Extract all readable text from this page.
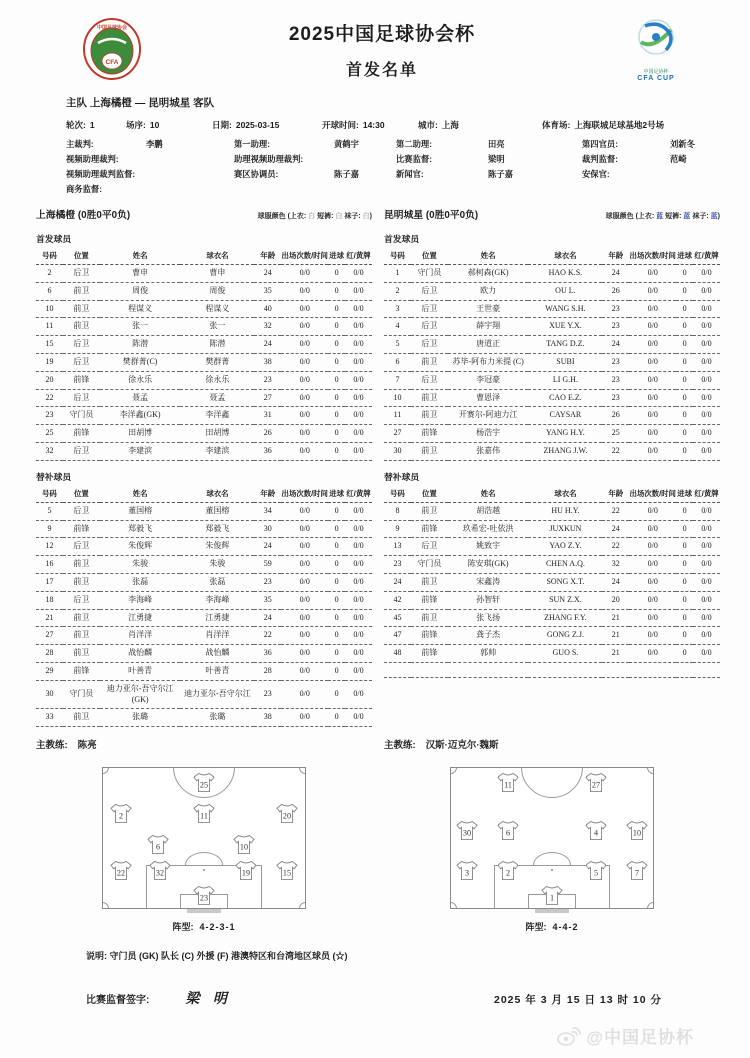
中国足球协会
CFA
2025中国足球协会杯
首发名单	中国足协杯
CFA CUP
主队 上海橘橙 — 昆明城星 客队
轮次: 1	场序: 10	日期: 2025-03-15	开球时间: 14:30	城市: 上海	体育场: 上海联城足球基地2号场
主裁判:	李鹏	第一助理:	黄鹤宇	第二助理:	田亮	第四官员:	刘新冬
视频助理裁判:	助理视频助理裁判:	比赛监督:	梁明	裁判监督:	范崎
视频助理裁判监督:	赛区协调员:	陈子嘉	新闻官:	陈子嘉	安保官:
商务监督:
上海橘橙 (0胜0平0负)	球服颜色 (上衣: 白 短裤: 白 袜子: 白)
首发球员
号码	位置	姓名	球衣名	年龄	出场次数/时间	进球	红/黄牌
2	后卫	曹申	曹申	24	0/0	0	0/0
6	前卫	周俊	周俊	35	0/0	0	0/0
10	前卫	程谋义	程谋义	40	0/0	0	0/0
11	前卫	张一	张一	32	0/0	0	0/0
15	后卫	陈潜	陈潜	24	0/0	0	0/0
19	后卫	樊群菁(C)	樊群菁	38	0/0	0	0/0
20	前锋	徐永乐	徐永乐	23	0/0	0	0/0
22	后卫	聂孟	聂孟	27	0/0	0	0/0
23	守门员	李洋鑫(GK)	李洋鑫	31	0/0	0	0/0
25	前锋	田胡博	田胡博	26	0/0	0	0/0
32	后卫	李建滨	李建滨	36	0/0	0	0/0
替补球员
号码	位置	姓名	球衣名	年龄	出场次数/时间	进球	红/黄牌
5	后卫	董国榕	董国榕	34	0/0	0	0/0
9	前锋	郑毅飞	郑毅飞	30	0/0	0	0/0
12	后卫	朱俊辉	朱俊辉	24	0/0	0	0/0
16	前卫	朱骏	朱骏	59	0/0	0	0/0
17	前卫	张磊	张磊	23	0/0	0	0/0
18	后卫	李海峰	李海峰	35	0/0	0	0/0
21	前卫	江勇捷	江勇捷	24	0/0	0	0/0
27	前卫	肖洋洋	肖洋洋	22	0/0	0	0/0
28	前卫	战怡麟	战怡麟	36	0/0	0	0/0
29	前锋	叶善青	叶善青	28	0/0	0	0/0
30	守门员	迪力亚尔-吾守尔江(GK)	迪力亚尔-吾守尔江	23	0/0	0	0/0
33	前卫	张璐	张璐	38	0/0	0	0/0
主教练: 陈亮
25
2	11	20
6	10
22	32	19	15
23
阵型: 4-2-3-1
昆明城星 (0胜0平0负)	球服颜色 (上衣: 蓝 短裤: 蓝 袜子: 蓝)
首发球员
号码	位置	姓名	球衣名	年龄	出场次数/时间	进球	红/黄牌
1	守门员	郝柯森(GK)	HAO K.S.	24	0/0	0	0/0
2	后卫	欧力	OU L.	26	0/0	0	0/0
3	后卫	王世豪	WANG S.H.	23	0/0	0	0/0
4	后卫	薛宇翔	XUE Y.X.	23	0/0	0	0/0
5	后卫	唐道正	TANG D.Z.	24	0/0	0	0/0
6	前卫	苏毕-阿布力米提 (C)	SUBI	23	0/0	0	0/0
7	后卫	李冠豪	LI G.H.	23	0/0	0	0/0
10	前卫	曹恩泽	CAO E.Z.	23	0/0	0	0/0
11	前卫	开赛尔-阿迪力江	CAYSAR	26	0/0	0	0/0
27	前锋	杨浩宇	YANG H.Y.	25	0/0	0	0/0
30	前卫	张嘉伟	ZHANG J.W.	22	0/0	0	0/0
替补球员
号码	位置	姓名	球衣名	年龄	出场次数/时间	进球	红/黄牌
8	前卫	胡浩越	HU H.Y.	22	0/0	0	0/0
9	前锋	玖希宏-吐依洪	JUXKUN	24	0/0	0	0/0
13	后卫	姚致宇	YAO Z.Y.	22	0/0	0	0/0
23	守门员	陈安琪(GK)	CHEN A.Q.	32	0/0	0	0/0
24	前卫	宋鑫涛	SONG X.T.	24	0/0	0	0/0
42	前锋	孙智轩	SUN Z.X.	20	0/0	0	0/0
45	前卫	张飞扬	ZHANG F.Y.	21	0/0	0	0/0
47	前锋	龚子杰	GONG Z.J.	21	0/0	0	0/0
48	前锋	郭帅	GUO S.	21	0/0	0	0/0

主教练: 汉斯·迈克尔·魏斯
11	27
30	6	4	10
3	2	5	7
1
阵型: 4-4-2
说明: 守门员 (GK) 队长 (C) 外援 (F) 港澳特区和台湾地区球员 (☆)
比赛监督签字:	梁 明	2025 年 3 月 15 日 13 时 10 分
@中国足协杯
